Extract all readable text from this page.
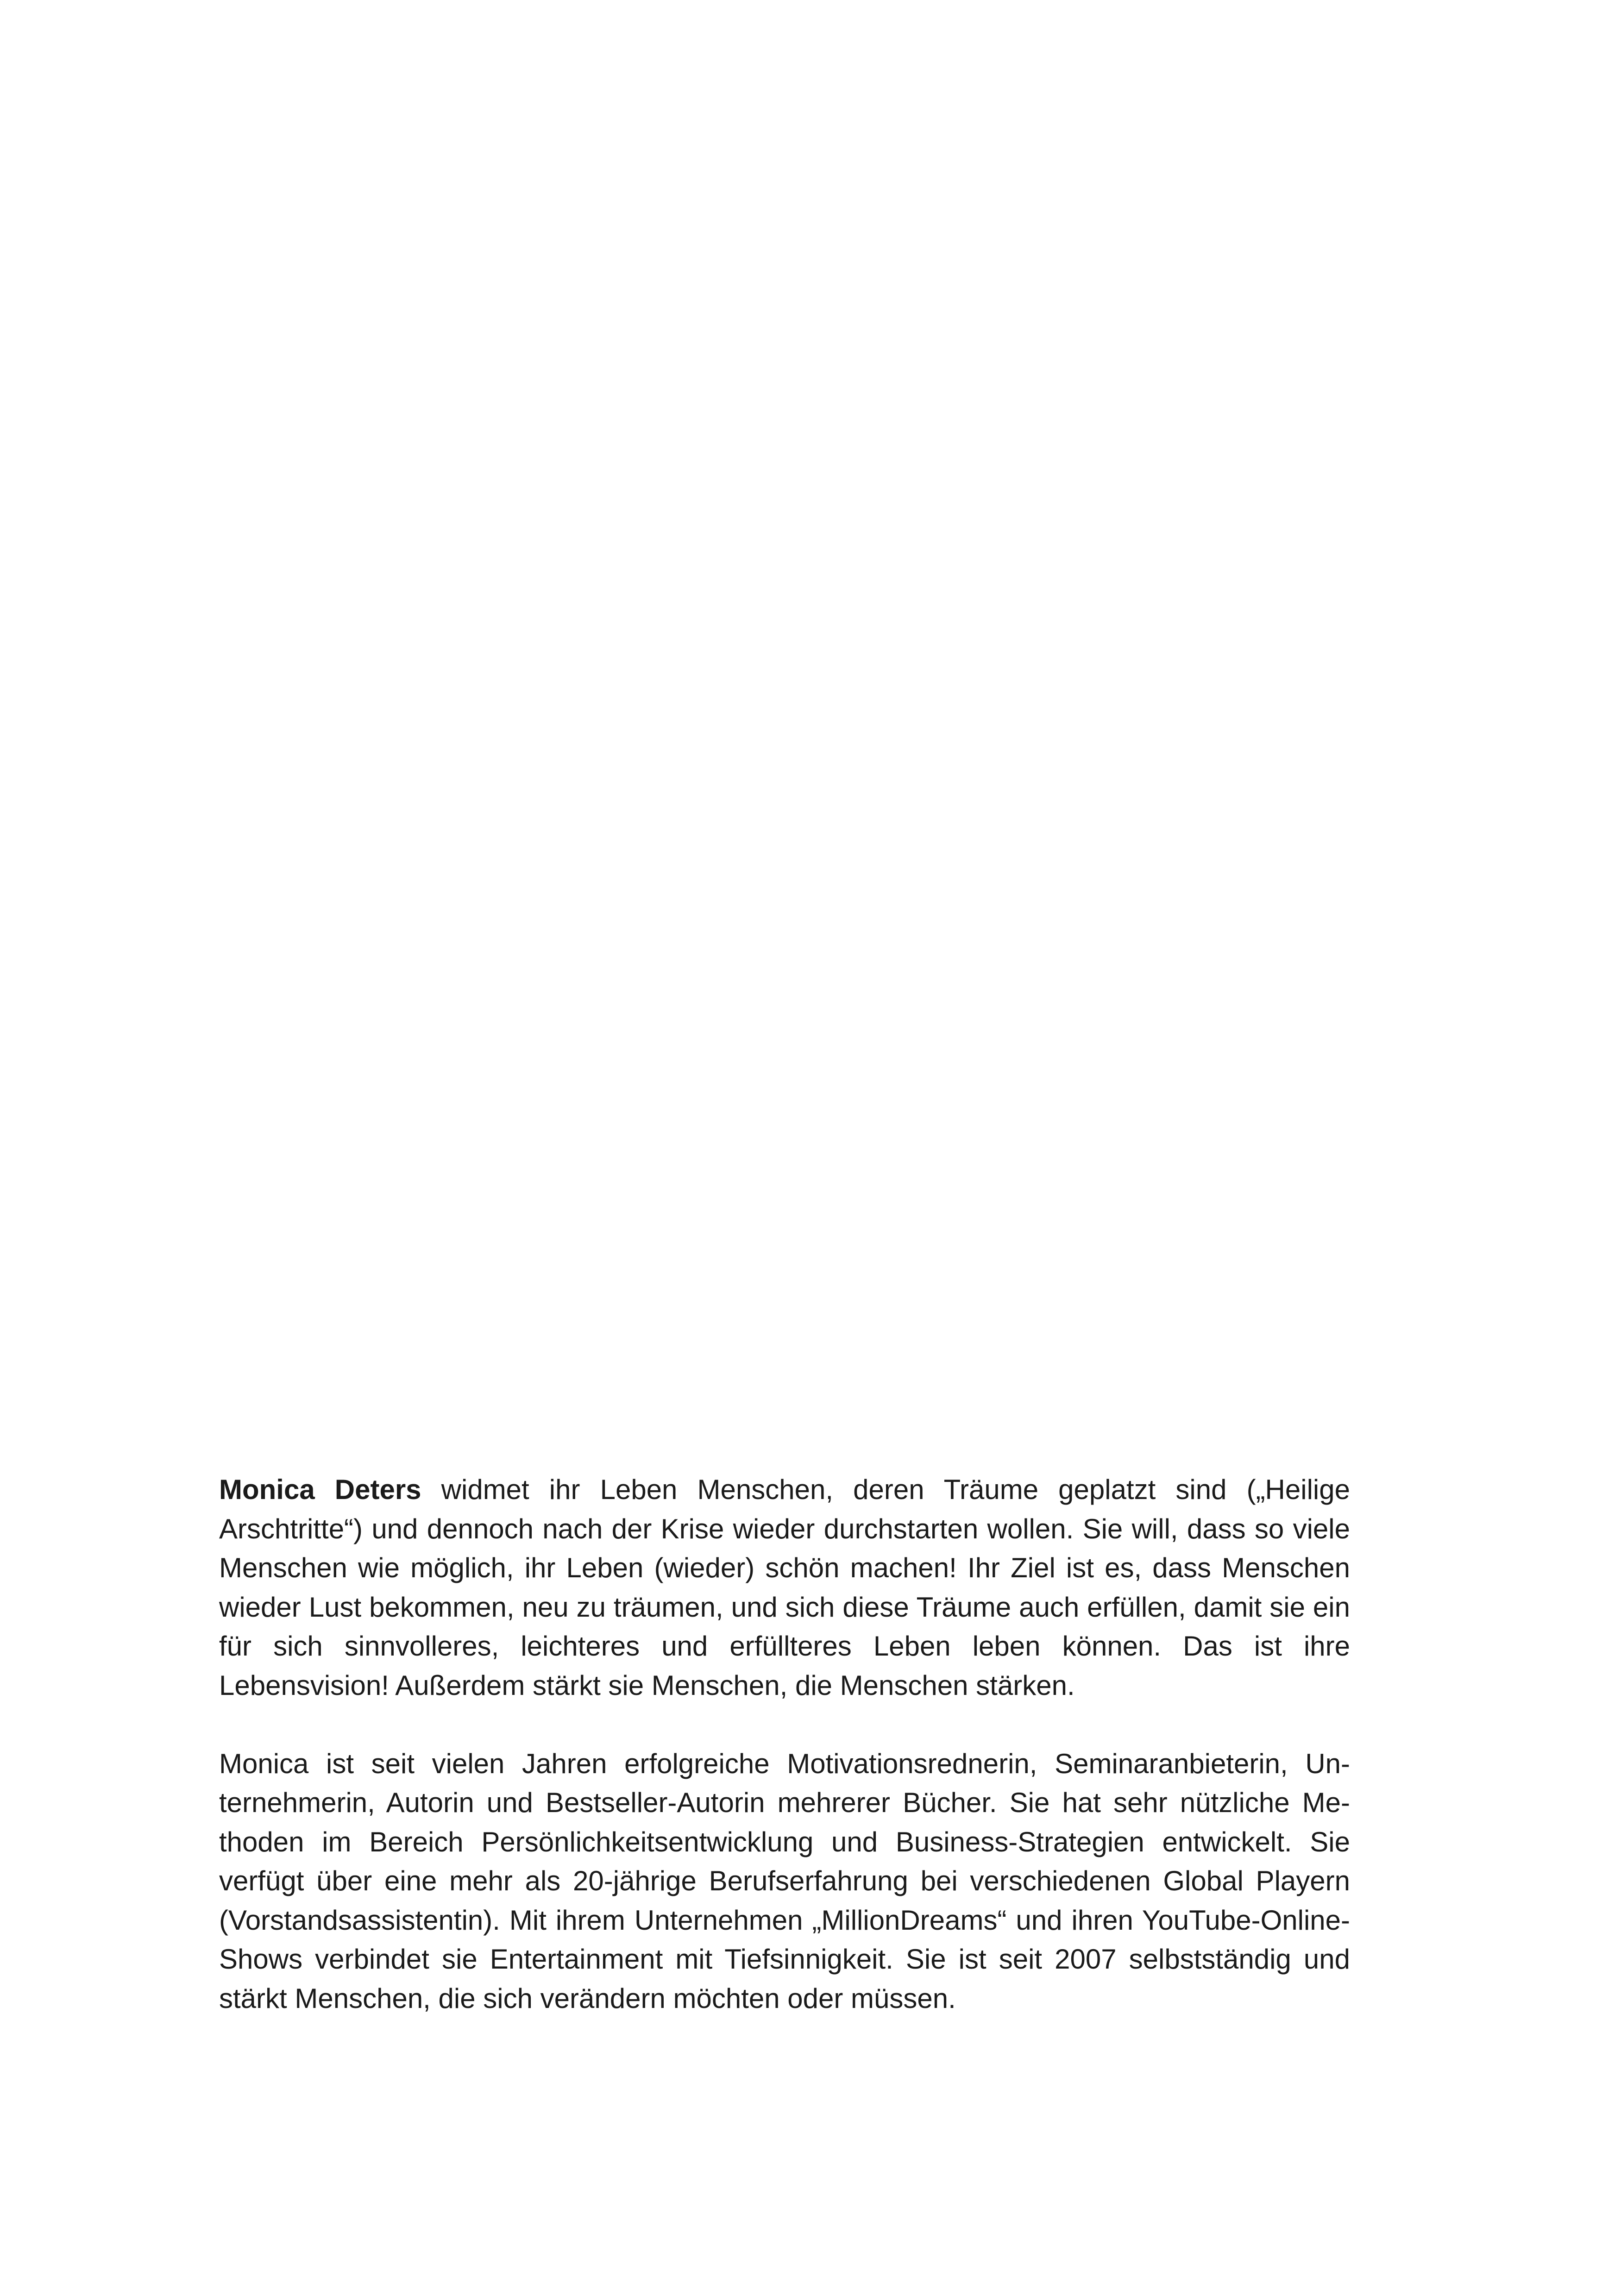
Monica Deters widmet ihr Leben Menschen, deren Träume geplatzt sind („Heilige Arschtritte“) und dennoch nach der Krise wieder durchstarten wollen. Sie will, dass so viele Menschen wie möglich, ihr Leben (wieder) schön machen! Ihr Ziel ist es, dass Menschen wieder Lust bekommen, neu zu träumen, und sich diese Träume auch erfüllen, damit sie ein für sich sinnvolleres, leichteres und erfüllteres Leben leben können. Das ist ihre Lebensvision! Außerdem stärkt sie Menschen, die Menschen stärken.

Monica ist seit vielen Jahren erfolgreiche Motivationsrednerin, Seminaranbieterin, Unternehmerin, Autorin und Bestseller-Autorin mehrerer Bücher. Sie hat sehr nützliche Methoden im Bereich Persönlichkeitsentwicklung und Business-Strategien entwickelt. Sie verfügt über eine mehr als 20-jährige Berufserfahrung bei verschiedenen Global Playern (Vorstandsassistentin). Mit ihrem Unternehmen „MillionDreams“ und ihren YouTube-Online-Shows verbindet sie Entertainment mit Tiefsinnigkeit. Sie ist seit 2007 selbstständig und stärkt Menschen, die sich verändern möchten oder müssen.
